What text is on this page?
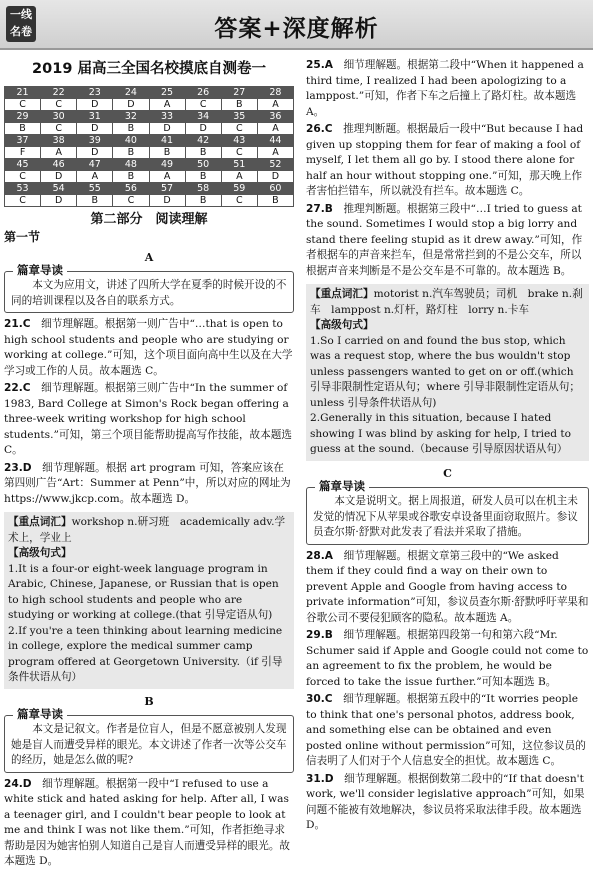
一线
名卷	答案+深度解析
2019 届高三全国名校摸底自测卷一
21	22	23	24	25	26	27	28
C	C	D	D	A	C	B	A
29	30	31	32	33	34	35	36
B	C	D	B	D	D	C	A
37	38	39	40	41	42	43	44
F	A	D	B	B	B	C	A
45	46	47	48	49	50	51	52
C	D	A	B	A	B	A	D
53	54	55	56	57	58	59	60
C	D	B	C	D	B	C	B
第二部分　阅读理解
第一节
A
篇章导读

本文为应用文，讲述了四所大学在夏季的时候开设的不同的培训课程以及各自的联系方式。

21.C　 细节理解题。根据第一则广告中“…that is open to high school students and people who are studying or working at college.”可知，这个项目面向高中生以及在大学学习或工作的人员。故本题选 C。
22.C　 细节理解题。根据第三则广告中“In the summer of 1983, Bard College at Simon's Rock began offering a three-week writing workshop for high school students.”可知，第三个项目能帮助提高写作技能，故本题选 C。
23.D　 细节理解题。根据 art program 可知，答案应该在第四则广告“Art：Summer at Penn”中，所以对应的网址为 https://www.jkcp.com。故本题选 D。

【重点词汇】workshop n.研习班　academically adv.学术上，学业上

【高级句式】

1.It is a four-or eight-week language program in Arabic, Chinese, Japanese, or Russian that is open to high school students and people who are studying or working at college.(that 引导定语从句)

2.If you're a teen thinking about learning medicine in college, explore the medical summer camp program offered at Georgetown University.（if 引导条件状语从句）

B
篇章导读

本文是记叙文。作者是位盲人，但是不愿意被别人发现她是盲人而遭受异样的眼光。本文讲述了作者一次等公交车的经历，她是怎么做的呢?

24.D　 细节理解题。根据第一段中“I refused to use a white stick and hated asking for help. After all, I was a teenager girl, and I couldn't bear people to look at me and think I was not like them.”可知，作者拒绝寻求帮助是因为她害怕别人知道自己是盲人而遭受异样的眼光。故本题选 D。
25.A　 细节理解题。根据第二段中“When it happened a third time, I realized I had been apologizing to a lamppost.”可知，作者下车之后撞上了路灯柱。故本题选 A。
26.C　 推理判断题。根据最后一段中“But because I had given up stopping them for fear of making a fool of myself, I let them all go by. I stood there alone for half an hour without stopping one.”可知，那天晚上作者害怕拦错车，所以就没有拦车。故本题选 C。
27.B　 推理判断题。根据第三段中“…I tried to guess at the sound. Sometimes I would stop a big lorry and stand there feeling stupid as it drew away.”可知，作者根据车的声音来拦车，但是常常拦到的不是公交车，所以根据声音来判断是不是公交车是不可靠的。故本题选 B。

【重点词汇】motorist n.汽车驾驶员；司机　brake n.刹车　lamppost n.灯杆，路灯柱　lorry n.卡车

【高级句式】

1.So I carried on and found the bus stop, which was a request stop, where the bus wouldn't stop unless passengers wanted to get on or off.(which 引导非限制性定语从句；where 引导非限制性定语从句；unless 引导条件状语从句)

2.Generally in this situation, because I hated showing I was blind by asking for help, I tried to guess at the sound.（because 引导原因状语从句）

C
篇章导读

本文是说明文。据上周报道，研发人员可以在机主未发觉的情况下从苹果或谷歌安卓设备里面窃取照片。参议员查尔斯·舒默对此发表了看法并采取了措施。

28.A　 细节理解题。根据文章第三段中的“We asked them if they could find a way on their own to prevent Apple and Google from having access to private information”可知，参议员查尔斯·舒默呼吁苹果和谷歌公司不要侵犯顾客的隐私。故本题选 A。
29.B　 细节理解题。根据第四段第一句和第六段“Mr. Schumer said if Apple and Google could not come to an agreement to fix the problem, he would be forced to take the issue further.”可知本题选 B。
30.C　 细节理解题。根据第五段中的“It worries people to think that one's personal photos, address book, and something else can be obtained and even posted online without permission”可知，这位参议员的信表明了人们对于个人信息安全的担忧。故本题选 C。
31.D　 细节理解题。根据倒数第二段中的“If that doesn't work, we'll consider legislative approach”可知，如果问题不能被有效地解决，参议员将采取法律手段。故本题选 D。
